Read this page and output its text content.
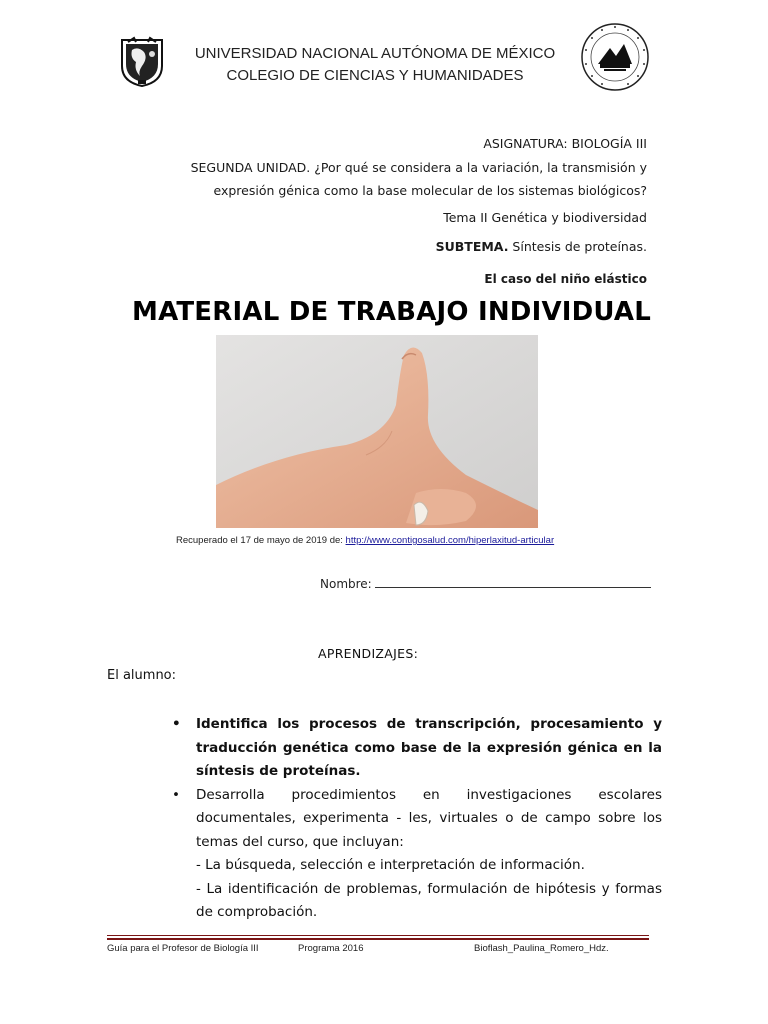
UNIVERSIDAD NACIONAL AUTÓNOMA DE MÉXICO
COLEGIO DE CIENCIAS Y HUMANIDADES
ASIGNATURA: BIOLOGÍA III
SEGUNDA UNIDAD. ¿Por qué se considera a la variación, la transmisión y
expresión génica como la base molecular de los sistemas biológicos?
Tema II Genética y biodiversidad
SUBTEMA. Síntesis de proteínas.
El caso del niño elástico
MATERIAL DE TRABAJO INDIVIDUAL
Recuperado el 17 de mayo de 2019 de: http://www.contigosalud.com/hiperlaxitud-articular
Nombre:
APRENDIZAJES:
El alumno:
• Identifica los procesos de transcripción, procesamiento y traducción genética como base de la expresión génica en la síntesis de proteínas.
• Desarrolla procedimientos en investigaciones escolares documentales, experimenta - les, virtuales o de campo sobre los temas del curso, que incluyan:
- La búsqueda, selección e interpretación de información.
- La identificación de problemas, formulación de hipótesis y formas de comprobación.
Guía para el Profesor de Biología III	Programa 2016	Bioflash_Paulina_Romero_Hdz.
